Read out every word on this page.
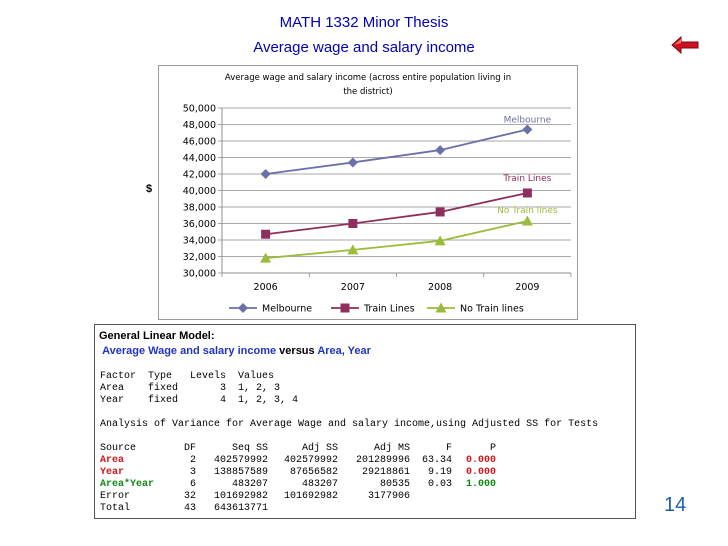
MATH 1332 Minor Thesis
Average wage and salary income
Average wage and salary income (across entire population living in
the district)
30,000
32,000
34,000
36,000
38,000
40,000
42,000
44,000
46,000
48,000
50,000
2006	2007	2008	2009
Melbourne
Train Lines
No Train lines
Melbourne	Train Lines	No Train lines
$
General Linear Model:
Average Wage and salary income versus Area, Year
Factor  Type   Levels  Values
Area    fixed       3  1, 2, 3
Year    fixed       4  1, 2, 3, 4
Analysis of Variance for Average Wage and salary income,using Adjusted SS for Tests
Source	DF	Seq SS	Adj SS	Adj MS	F	P
Area	2 402579992 402579992 201289996 63.34 0.000
Year	3 138857589 87656582 29218861 9.19 0.000
Area*Year	6	483207	483207	80535 0.03 1.000
Error	32 101692982 101692982	3177906
Total	43 643613771	14
